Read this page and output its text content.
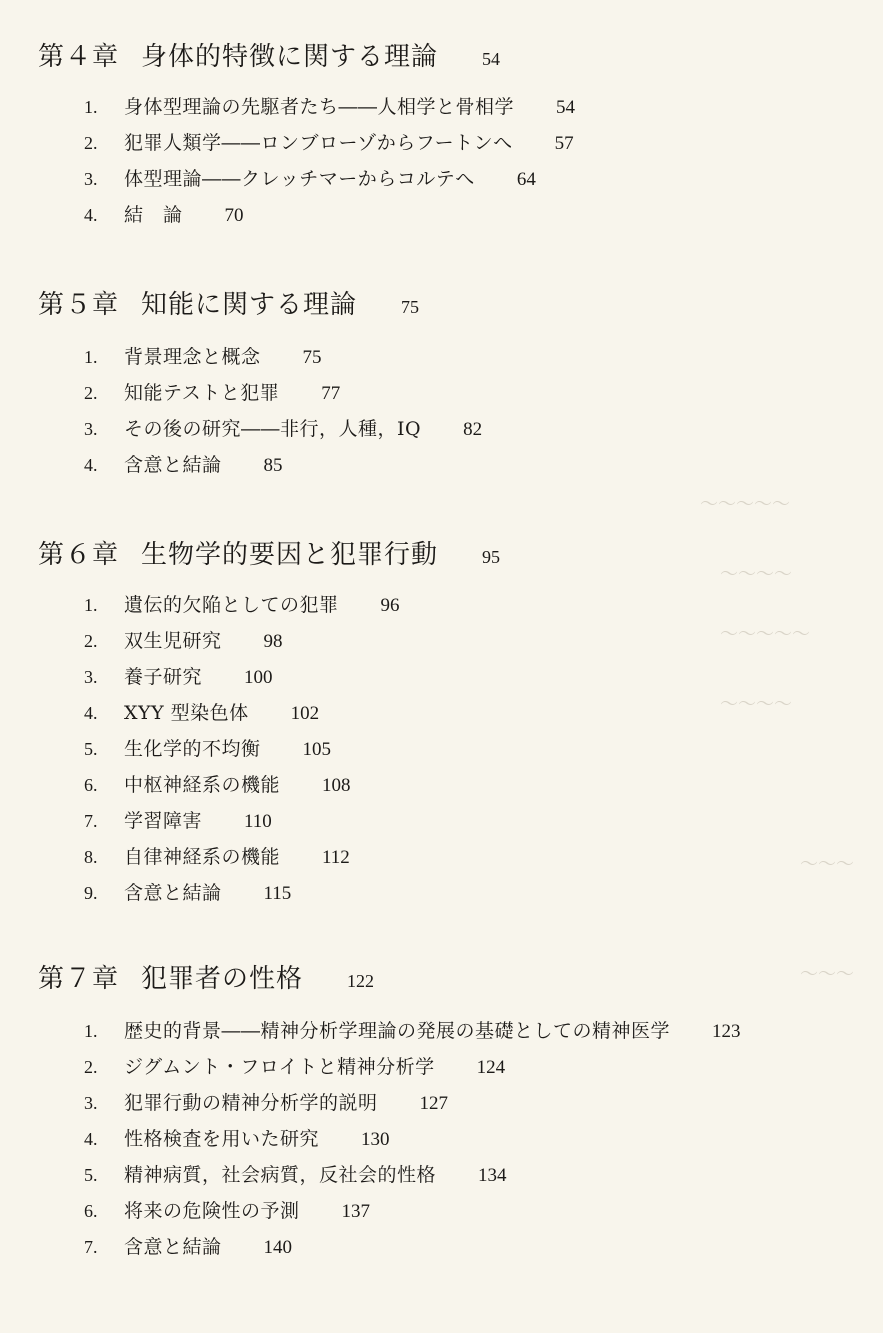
～～～～～
～～～～
～～～～～
～～～～
～～～
～～～
第４章 身体的特徴に関する理論 54
1.	身体型理論の先駆者たち――人相学と骨相学 54
2.	犯罪人類学――ロンブローゾからフートンへ 57
3.	体型理論――クレッチマーからコルテへ 64
4.	結　論 70
第５章 知能に関する理論 75
1.	背景理念と概念 75
2.	知能テストと犯罪 77
3.	その後の研究――非行，人種，IQ 82
4.	含意と結論 85
第６章 生物学的要因と犯罪行動 95
1.	遺伝的欠陥としての犯罪 96
2.	双生児研究 98
3.	養子研究 100
4.	XYY 型染色体 102
5.	生化学的不均衡 105
6.	中枢神経系の機能 108
7.	学習障害 110
8.	自律神経系の機能 112
9.	含意と結論 115
第７章 犯罪者の性格 122
1.	歴史的背景――精神分析学理論の発展の基礎としての精神医学 123
2.	ジグムント・フロイトと精神分析学 124
3.	犯罪行動の精神分析学的説明 127
4.	性格検査を用いた研究 130
5.	精神病質，社会病質，反社会的性格 134
6.	将来の危険性の予測 137
7.	含意と結論 140
